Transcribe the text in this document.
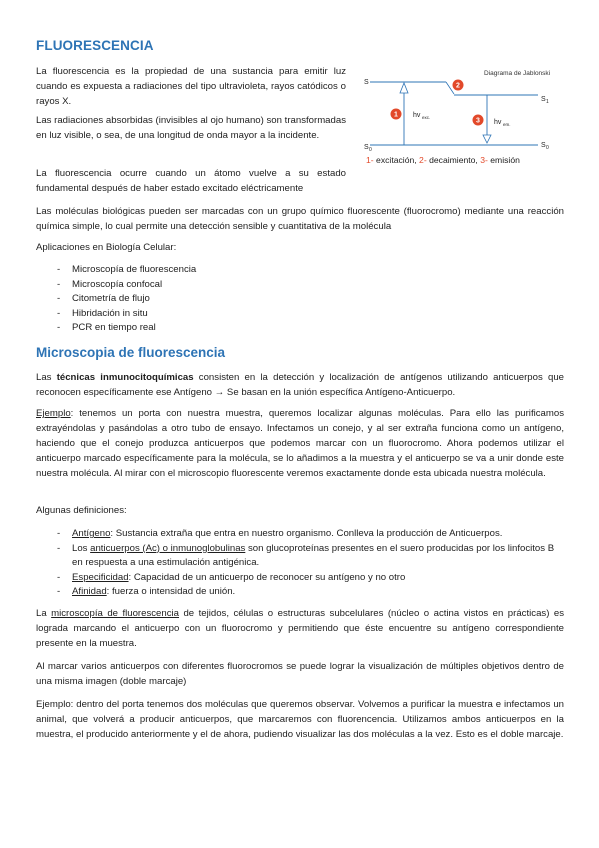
FLUORESCENCIA

La fluorescencia es la propiedad de una sustancia para emitir luz cuando es expuesta a radiaciones del tipo ultravioleta, rayos catódicos o rayos X.

Las radiaciones absorbidas (invisibles al ojo humano) son transformadas en luz visible, o sea, de una longitud de onda mayor a la incidente.

La fluorescencia ocurre cuando un átomo vuelve a su estado fundamental después de haber estado excitado eléctricamente

Diagrama de Jablonski
S
S 1
S 0
S 0
hv exc.
hv em.
1
2
3
1- excitación, 2- decaimiento, 3- emisión

Las moléculas biológicas pueden ser marcadas con un grupo químico fluorescente (fluorocromo) mediante una reacción química simple, lo cual permite una detección sensible y cuantitativa de la molécula

Aplicaciones en Biología Celular:

- Microscopía de fluorescencia
- Microscopía confocal
- Citometría de flujo
- Hibridación in situ
- PCR en tiempo real
Microscopia de fluorescencia

Las técnicas inmunocitoquímicas consisten en la detección y localización de antígenos utilizando anticuerpos que reconocen específicamente ese Antígeno → Se basan en la unión específica Antígeno-Anticuerpo.

Ejemplo: tenemos un porta con nuestra muestra, queremos localizar algunas moléculas. Para ello las purificamos extrayéndolas y pasándolas a otro tubo de ensayo. Infectamos un conejo, y al ser extraña funciona como un antígeno, haciendo que el conejo produzca anticuerpos que podemos marcar con un fluorocromo. Ahora podemos utilizar el anticuerpo marcado específicamente para la molécula, se lo añadimos a la muestra y el anticuerpo se va a unir donde este nuestra molécula. Al mirar con el microscopio fluorescente veremos exactamente donde esta ubicada nuestra molécula.

Algunas definiciones:

- Antígeno: Sustancia extraña que entra en nuestro organismo. Conlleva la producción de Anticuerpos.
- Los anticuerpos (Ac) o inmunoglobulinas son glucoproteínas presentes en el suero producidas por los linfocitos B en respuesta a una estimulación antigénica.
- Especificidad: Capacidad de un anticuerpo de reconocer su antígeno y no otro
- Afinidad: fuerza o intensidad de unión.

La microscopía de fluorescencia de tejidos, células o estructuras subcelulares (núcleo o actina vistos en prácticas) es lograda marcando el anticuerpo con un fluorocromo y permitiendo que éste encuentre su antígeno correspondiente presente en la muestra.

Al marcar varios anticuerpos con diferentes fluorocromos se puede lograr la visualización de múltiples objetivos dentro de una misma imagen (doble marcaje)

Ejemplo: dentro del porta tenemos dos moléculas que queremos observar. Volvemos a purificar la muestra e infectamos un animal, que volverá a producir anticuerpos, que marcaremos con fluorencencia. Utilizamos ambos anticuerpos en la muestra, el producido anteriormente y el de ahora, pudiendo visualizar las dos moléculas a la vez. Esto es el doble marcaje.
